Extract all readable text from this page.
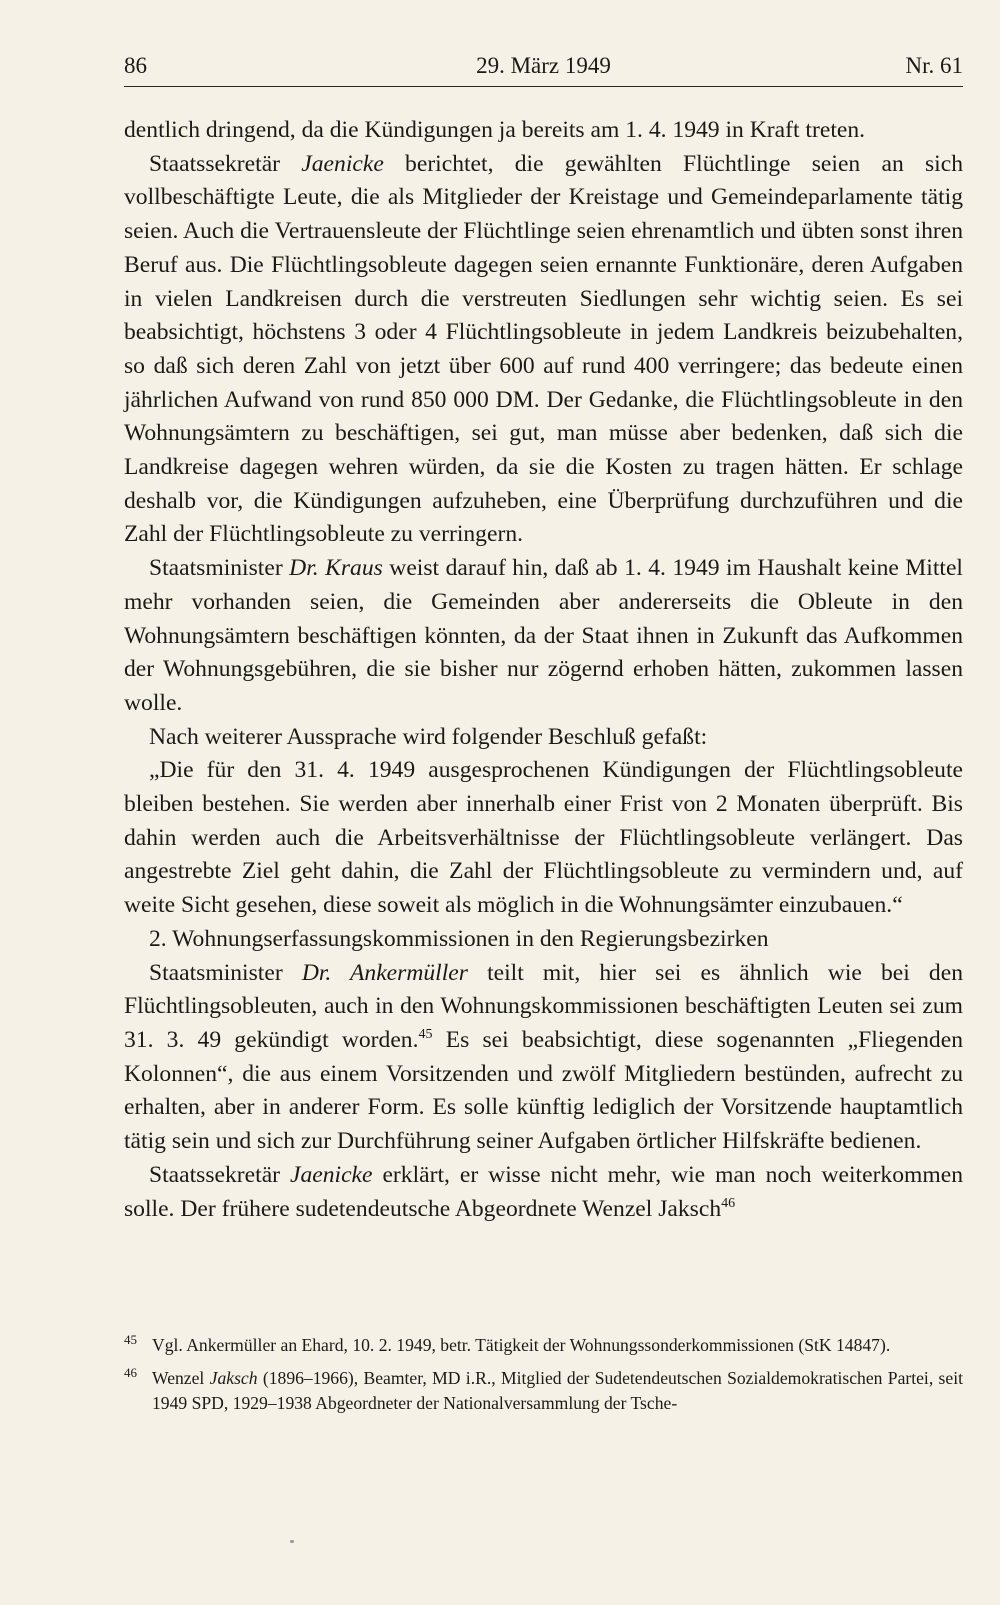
86	29. März 1949	Nr. 61

dentlich dringend, da die Kündigungen ja bereits am 1. 4. 1949 in Kraft treten.

Staatssekretär Jaenicke berichtet, die gewählten Flüchtlinge seien an sich vollbeschäftigte Leute, die als Mitglieder der Kreistage und Gemeindeparlamente tätig seien. Auch die Vertrauensleute der Flüchtlinge seien ehrenamtlich und übten sonst ihren Beruf aus. Die Flüchtlingsobleute dagegen seien ernannte Funktionäre, deren Aufgaben in vielen Landkreisen durch die verstreuten Siedlungen sehr wichtig seien. Es sei beabsichtigt, höchstens 3 oder 4 Flüchtlingsobleute in jedem Landkreis beizubehalten, so daß sich deren Zahl von jetzt über 600 auf rund 400 verringere; das bedeute einen jährlichen Aufwand von rund 850 000 DM. Der Gedanke, die Flüchtlingsobleute in den Wohnungsämtern zu beschäftigen, sei gut, man müsse aber bedenken, daß sich die Landkreise dagegen wehren würden, da sie die Kosten zu tragen hätten. Er schlage deshalb vor, die Kündigungen aufzuheben, eine Überprüfung durchzuführen und die Zahl der Flüchtlingsobleute zu verringern.

Staatsminister Dr. Kraus weist darauf hin, daß ab 1. 4. 1949 im Haushalt keine Mittel mehr vorhanden seien, die Gemeinden aber andererseits die Obleute in den Wohnungsämtern beschäftigen könnten, da der Staat ihnen in Zukunft das Aufkommen der Wohnungsgebühren, die sie bisher nur zögernd erhoben hätten, zukommen lassen wolle.

Nach weiterer Aussprache wird folgender Beschluß gefaßt:

„Die für den 31. 4. 1949 ausgesprochenen Kündigungen der Flüchtlingsobleute bleiben bestehen. Sie werden aber innerhalb einer Frist von 2 Monaten überprüft. Bis dahin werden auch die Arbeitsverhältnisse der Flüchtlingsobleute verlängert. Das angestrebte Ziel geht dahin, die Zahl der Flüchtlingsobleute zu vermindern und, auf weite Sicht gesehen, diese soweit als möglich in die Wohnungsämter einzubauen.“

2. Wohnungserfassungskommissionen in den Regierungsbezirken

Staatsminister Dr. Ankermüller teilt mit, hier sei es ähnlich wie bei den Flüchtlingsobleuten, auch in den Wohnungskommissionen beschäftigten Leuten sei zum 31. 3. 49 gekündigt worden.$^{45}$ Es sei beabsichtigt, diese sogenannten „Fliegenden Kolonnen“, die aus einem Vorsitzenden und zwölf Mitgliedern bestünden, aufrecht zu erhalten, aber in anderer Form. Es solle künftig lediglich der Vorsitzende hauptamtlich tätig sein und sich zur Durchführung seiner Aufgaben örtlicher Hilfskräfte bedienen.

Staatssekretär Jaenicke erklärt, er wisse nicht mehr, wie man noch weiterkommen solle. Der frühere sudetendeutsche Abgeordnete Wenzel Jaksch$^{46}$

45 Vgl. Ankermüller an Ehard, 10. 2. 1949, betr. Tätigkeit der Wohnungssonderkommissionen (StK 14847).

46 Wenzel Jaksch (1896–1966), Beamter, MD i.R., Mitglied der Sudetendeutschen Sozialdemokratischen Partei, seit 1949 SPD, 1929–1938 Abgeordneter der Nationalversammlung der Tsche-
